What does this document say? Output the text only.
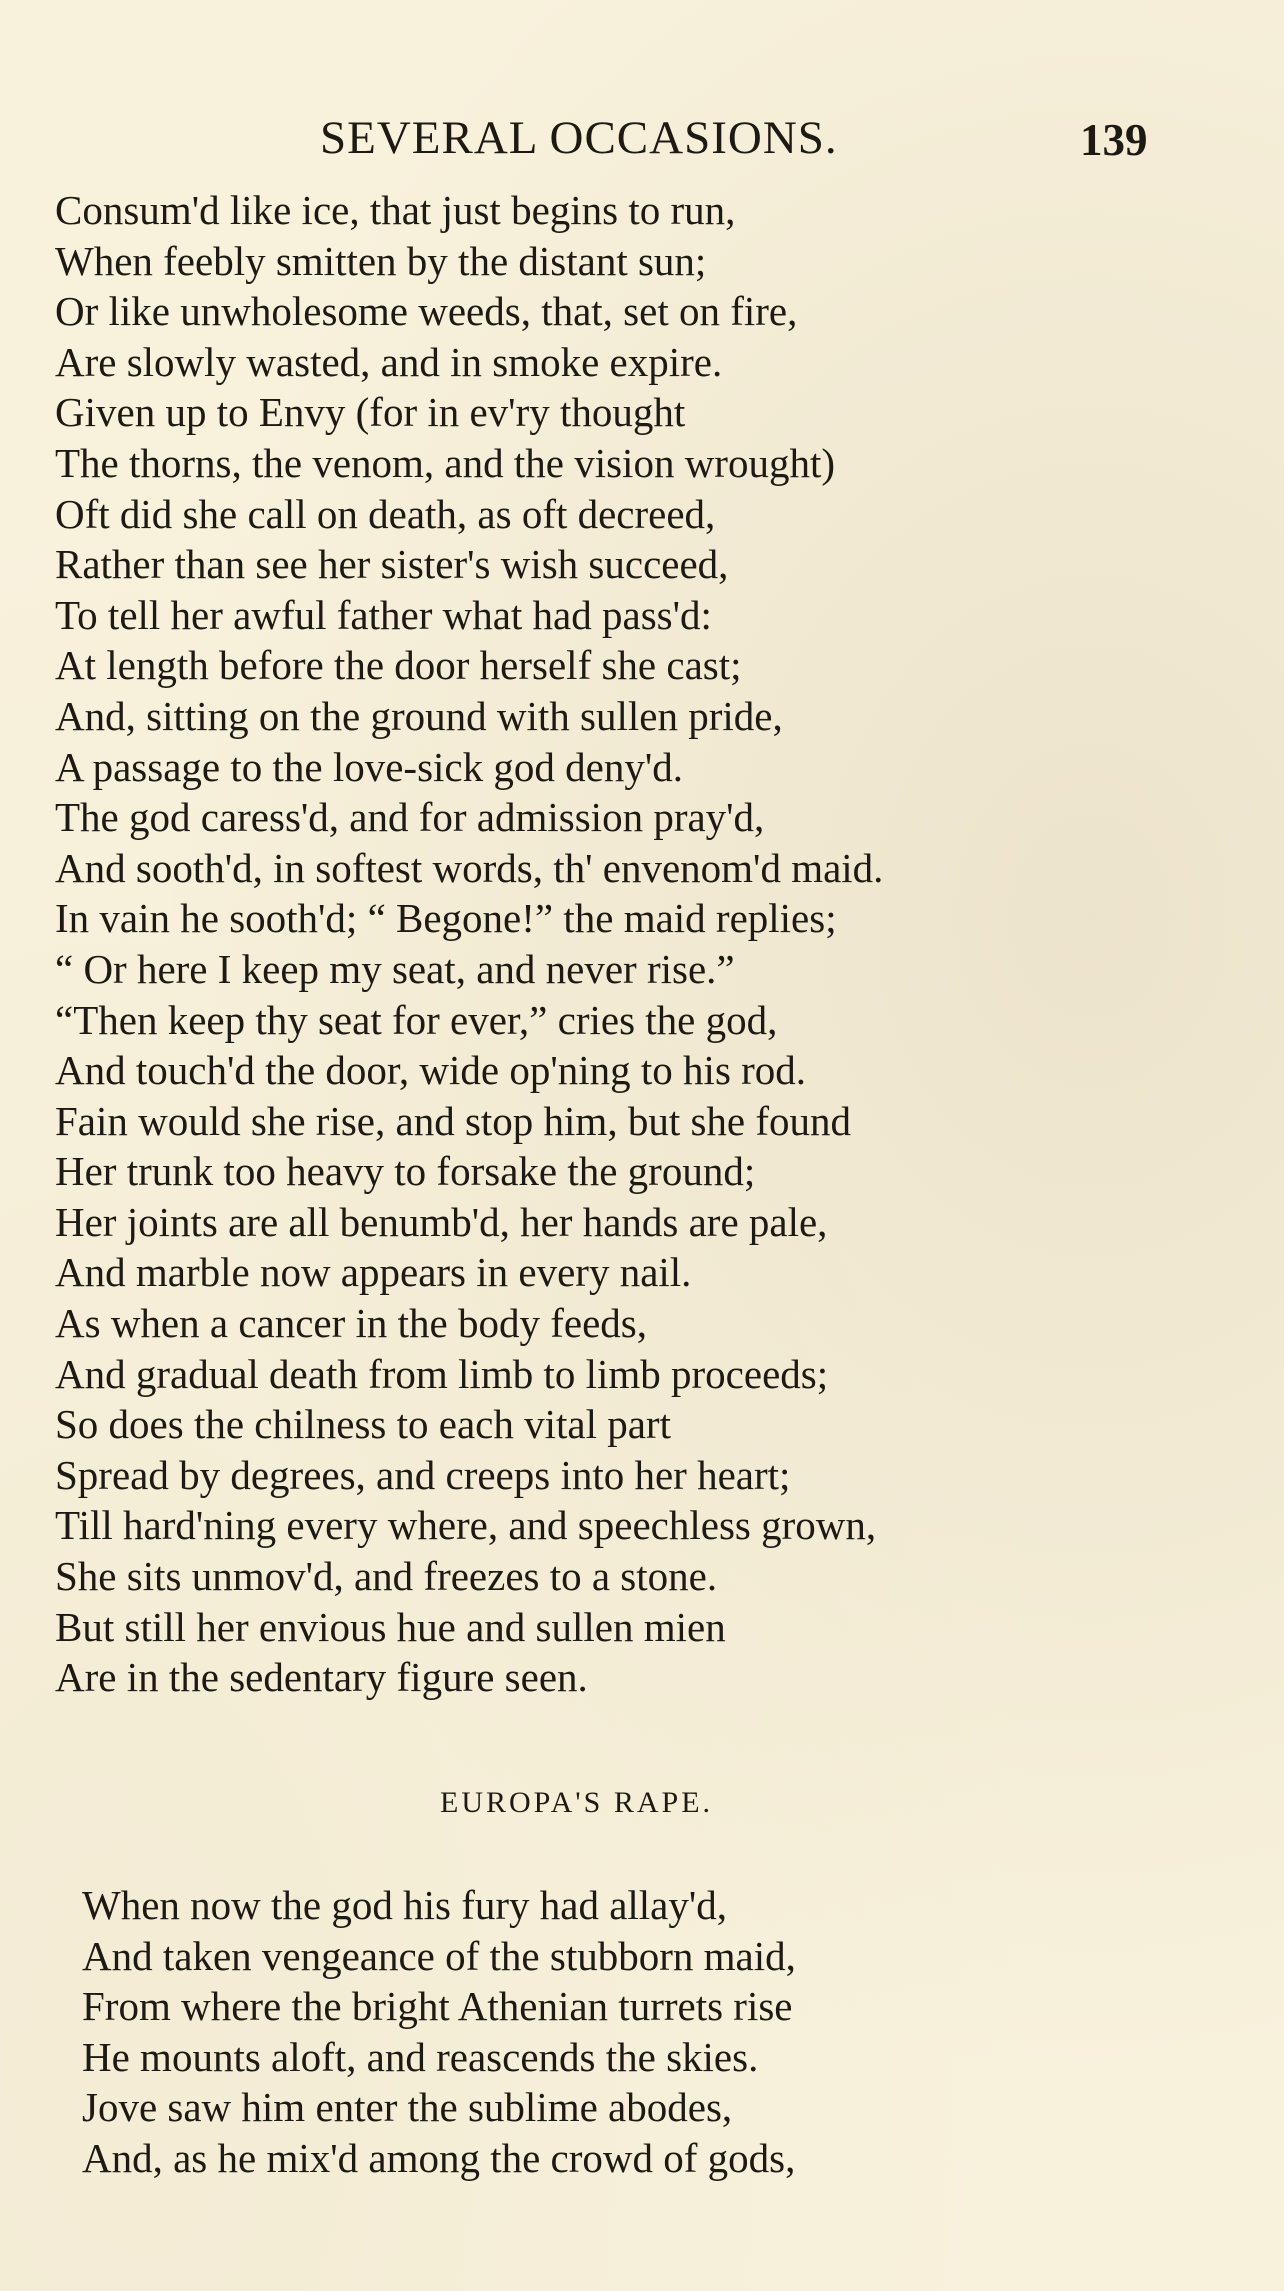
SEVERAL OCCASIONS.	139
Consum'd like ice, that just begins to run,
When feebly smitten by the distant sun;
Or like unwholesome weeds, that, set on fire,
Are slowly wasted, and in smoke expire.
Given up to Envy (for in ev'ry thought
The thorns, the venom, and the vision wrought)
Oft did she call on death, as oft decreed,
Rather than see her sister's wish succeed,
To tell her awful father what had pass'd:
At length before the door herself she cast;
And, sitting on the ground with sullen pride,
A passage to the love-sick god deny'd.
The god caress'd, and for admission pray'd,
And sooth'd, in softest words, th' envenom'd maid.
In vain he sooth'd; “ Begone!” the maid replies;
“ Or here I keep my seat, and never rise.”
“Then keep thy seat for ever,” cries the god,
And touch'd the door, wide op'ning to his rod.
Fain would she rise, and stop him, but she found
Her trunk too heavy to forsake the ground;
Her joints are all benumb'd, her hands are pale,
And marble now appears in every nail.
As when a cancer in the body feeds,
And gradual death from limb to limb proceeds;
So does the chilness to each vital part
Spread by degrees, and creeps into her heart;
Till hard'ning every where, and speechless grown,
She sits unmov'd, and freezes to a stone.
But still her envious hue and sullen mien
Are in the sedentary figure seen.
EUROPA'S RAPE.
When now the god his fury had allay'd,
And taken vengeance of the stubborn maid,
From where the bright Athenian turrets rise
He mounts aloft, and reascends the skies.
Jove saw him enter the sublime abodes,
And, as he mix'd among the crowd of gods,
